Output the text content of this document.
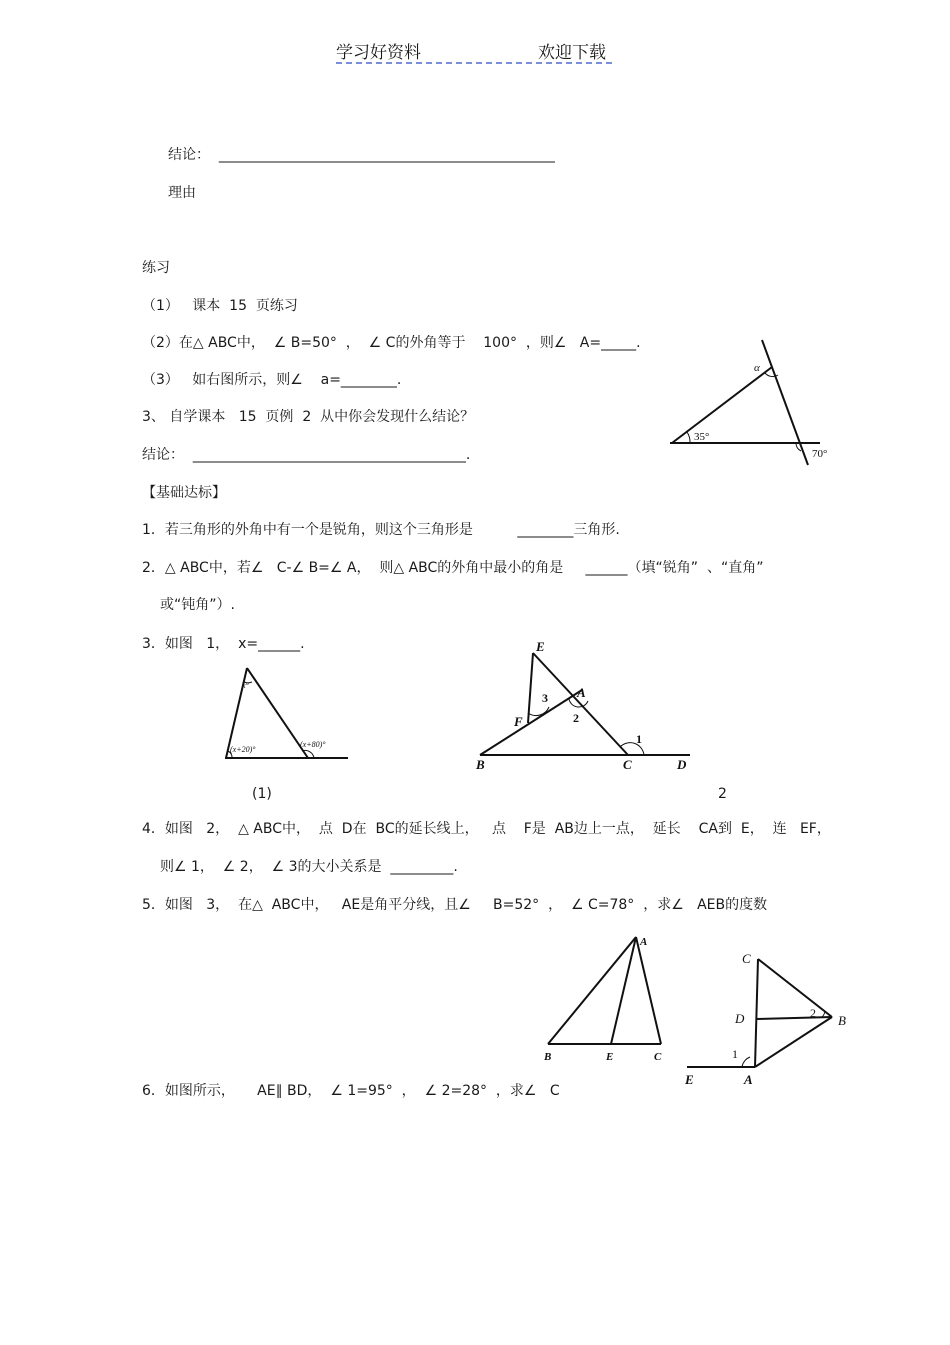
学习好资料	欢迎下载
结论：  ________________________________________________
理由
练习
（1）   课本  15  页练习
（2）在△ ABC中，  ∠ B=50°  ，  ∠ C的外角等于    100°  ，则∠   A=_____.
（3）   如右图所示，则∠    a=________.
3、 自学课本   15  页例  2  从中你会发现什么结论？
结论：  _______________________________________.
α
35°
70°
【基础达标】
1．若三角形的外角中有一个是锐角，则这个三角形是          ________三角形.
2．△ ABC中，若∠   C-∠ B=∠ A，  则△ ABC的外角中最小的角是     ______（填“锐角”  、“直角”
或“钝角”）.
3．如图   1，  x=______.
x°
(x+20)°
(x+80)°
E
A
F
B	C	D
3
2
1
(1)	2
4．如图   2，  △ ABC中，  点  D在  BC的延长线上，   点    F是  AB边上一点，  延长    CA到  E，  连   EF，
则∠ 1，  ∠ 2，  ∠ 3的大小关系是  _________.
5．如图   3，  在△  ABC中，   AE是角平分线，且∠     B=52°  ，  ∠ C=78°  ，求∠   AEB的度数
A
B	E	C
C
D	B
E	A
1
2
6．如图所示，     AE∥ BD，  ∠ 1=95°  ，  ∠ 2=28°  ，求∠   C
